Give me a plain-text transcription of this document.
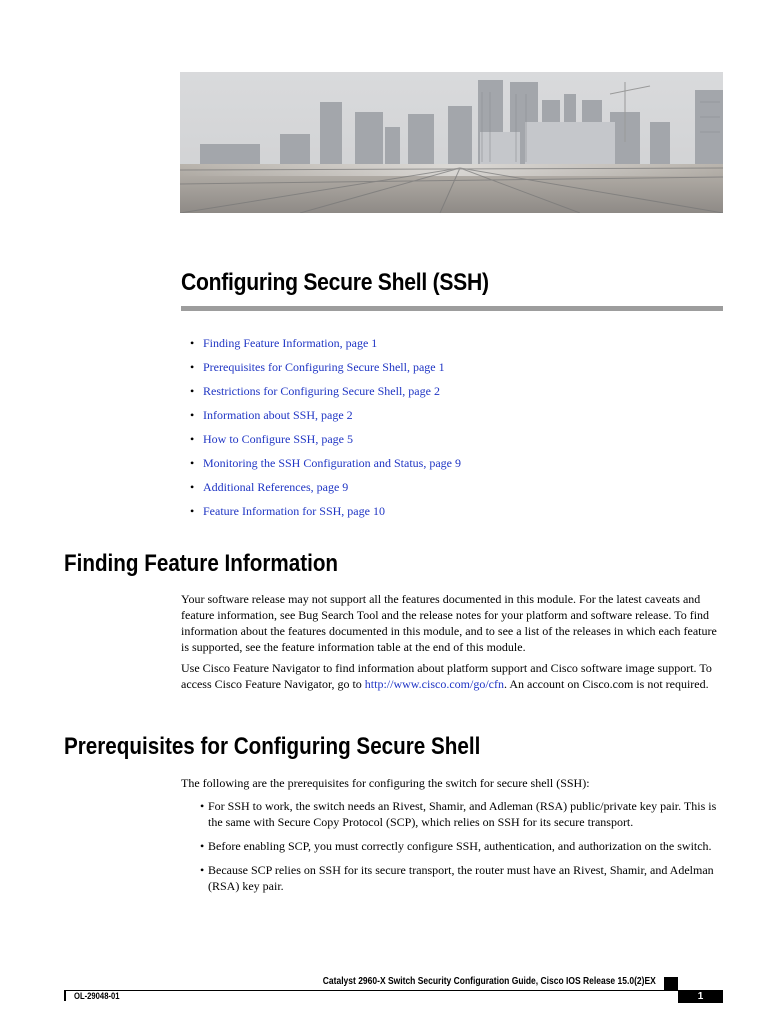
Configuring Secure Shell (SSH)
• Finding Feature Information, page 1
• Prerequisites for Configuring Secure Shell, page 1
• Restrictions for Configuring Secure Shell, page 2
• Information about SSH, page 2
• How to Configure SSH, page 5
• Monitoring the SSH Configuration and Status, page 9
• Additional References, page 9
• Feature Information for SSH, page 10
Finding Feature Information

Your software release may not support all the features documented in this module. For the latest caveats and feature information, see Bug Search Tool and the release notes for your platform and software release. To find information about the features documented in this module, and to see a list of the releases in which each feature is supported, see the feature information table at the end of this module.

Use Cisco Feature Navigator to find information about platform support and Cisco software image support. To access Cisco Feature Navigator, go to http://www.cisco.com/go/cfn. An account on Cisco.com is not required.

Prerequisites for Configuring Secure Shell

The following are the prerequisites for configuring the switch for secure shell (SSH):

• For SSH to work, the switch needs an Rivest, Shamir, and Adleman (RSA) public/private key pair. This is the same with Secure Copy Protocol (SCP), which relies on SSH for its secure transport.
• Before enabling SCP, you must correctly configure SSH, authentication, and authorization on the switch.
• Because SCP relies on SSH for its secure transport, the router must have an Rivest, Shamir, and Adelman (RSA) key pair.
Catalyst 2960-X Switch Security Configuration Guide, Cisco IOS Release 15.0(2)EX
OL-29048-01	1
